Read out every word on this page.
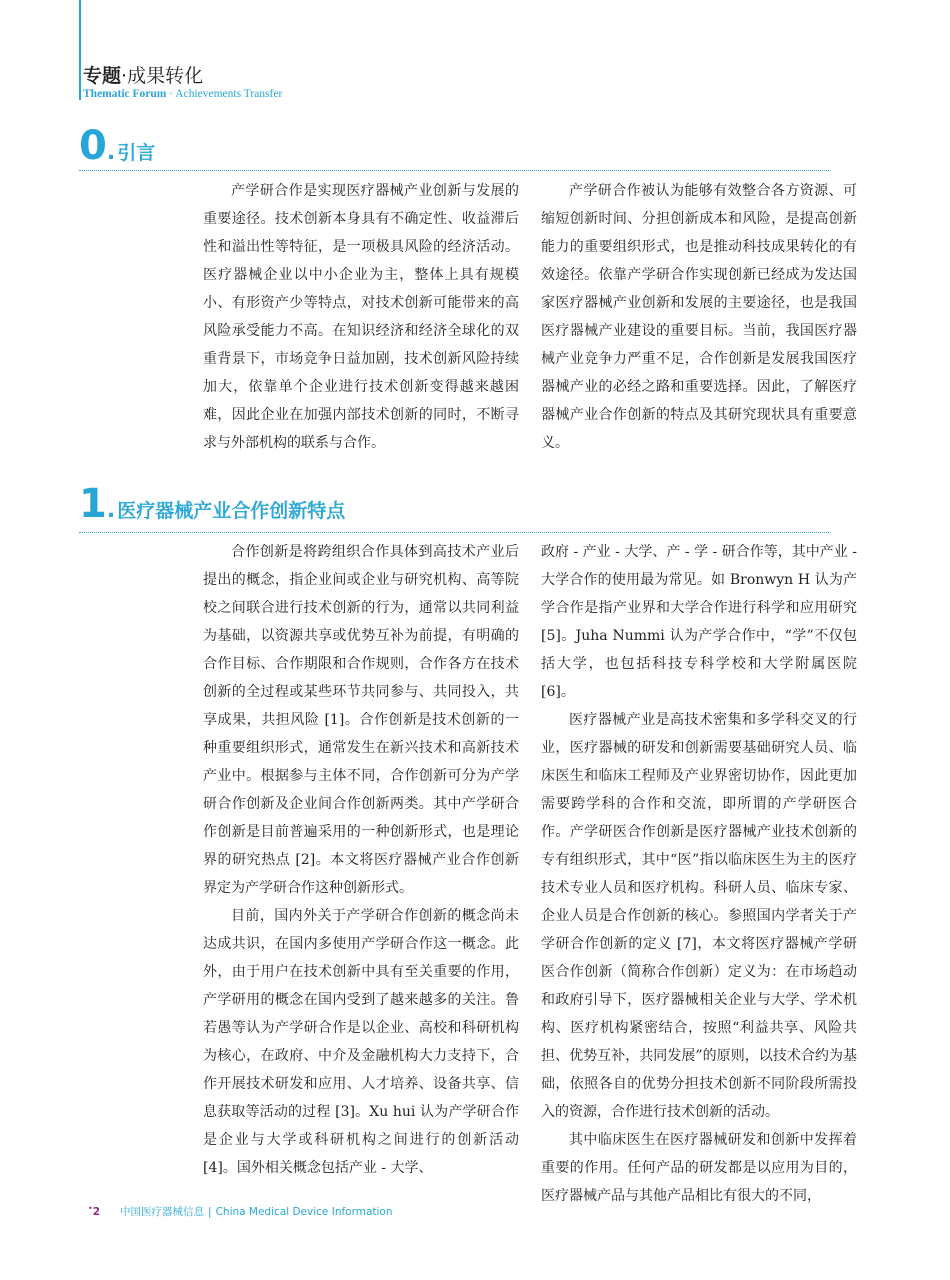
专题·成果转化
Thematic Forum · Achievements Transfer
0. 引言

产学研合作是实现医疗器械产业创新与发展的重要途径。技术创新本身具有不确定性、收益滞后性和溢出性等特征，是一项极具风险的经济活动。医疗器械企业以中小企业为主，整体上具有规模小、有形资产少等特点，对技术创新可能带来的高风险承受能力不高。在知识经济和经济全球化的双重背景下，市场竞争日益加剧，技术创新风险持续加大，依靠单个企业进行技术创新变得越来越困难，因此企业在加强内部技术创新的同时，不断寻求与外部机构的联系与合作。

产学研合作被认为能够有效整合各方资源、可缩短创新时间、分担创新成本和风险，是提高创新能力的重要组织形式，也是推动科技成果转化的有效途径。依靠产学研合作实现创新已经成为发达国家医疗器械产业创新和发展的主要途径，也是我国医疗器械产业建设的重要目标。当前，我国医疗器械产业竞争力严重不足，合作创新是发展我国医疗器械产业的必经之路和重要选择。因此，了解医疗器械产业合作创新的特点及其研究现状具有重要意义。

1. 医疗器械产业合作创新特点

合作创新是将跨组织合作具体到高技术产业后提出的概念，指企业间或企业与研究机构、高等院校之间联合进行技术创新的行为，通常以共同利益为基础，以资源共享或优势互补为前提，有明确的合作目标、合作期限和合作规则，合作各方在技术创新的全过程或某些环节共同参与、共同投入，共享成果，共担风险 [1]。合作创新是技术创新的一种重要组织形式，通常发生在新兴技术和高新技术产业中。根据参与主体不同，合作创新可分为产学研合作创新及企业间合作创新两类。其中产学研合作创新是目前普遍采用的一种创新形式，也是理论界的研究热点 [2]。本文将医疗器械产业合作创新界定为产学研合作这种创新形式。

目前，国内外关于产学研合作创新的概念尚未达成共识，在国内多使用产学研合作这一概念。此外，由于用户在技术创新中具有至关重要的作用，产学研用的概念在国内受到了越来越多的关注。鲁若愚等认为产学研合作是以企业、高校和科研机构为核心，在政府、中介及金融机构大力支持下，合作开展技术研发和应用、人才培养、设备共享、信息获取等活动的过程 [3]。Xu hui 认为产学研合作是企业与大学或科研机构之间进行的创新活动 [4]。国外相关概念包括产业 - 大学、

政府 - 产业 - 大学、产 - 学 - 研合作等，其中产业 - 大学合作的使用最为常见。如 Bronwyn H 认为产学合作是指产业界和大学合作进行科学和应用研究 [5]。Juha Nummi 认为产学合作中，“学”不仅包括大学，也包括科技专科学校和大学附属医院 [6]。

医疗器械产业是高技术密集和多学科交叉的行业，医疗器械的研发和创新需要基础研究人员、临床医生和临床工程师及产业界密切协作，因此更加需要跨学科的合作和交流，即所谓的产学研医合作。产学研医合作创新是医疗器械产业技术创新的专有组织形式，其中“医”指以临床医生为主的医疗技术专业人员和医疗机构。科研人员、临床专家、企业人员是合作创新的核心。参照国内学者关于产学研合作创新的定义 [7]，本文将医疗器械产学研医合作创新（简称合作创新）定义为：在市场趋动和政府引导下，医疗器械相关企业与大学、学术机构、医疗机构紧密结合，按照“利益共享、风险共担、优势互补，共同发展”的原则，以技术合约为基础，依照各自的优势分担技术创新不同阶段所需投入的资源，合作进行技术创新的活动。

其中临床医生在医疗器械研发和创新中发挥着重要的作用。任何产品的研发都是以应用为目的，医疗器械产品与其他产品相比有很大的不同，

•2 中国医疗器械信息 | China Medical Device Information
